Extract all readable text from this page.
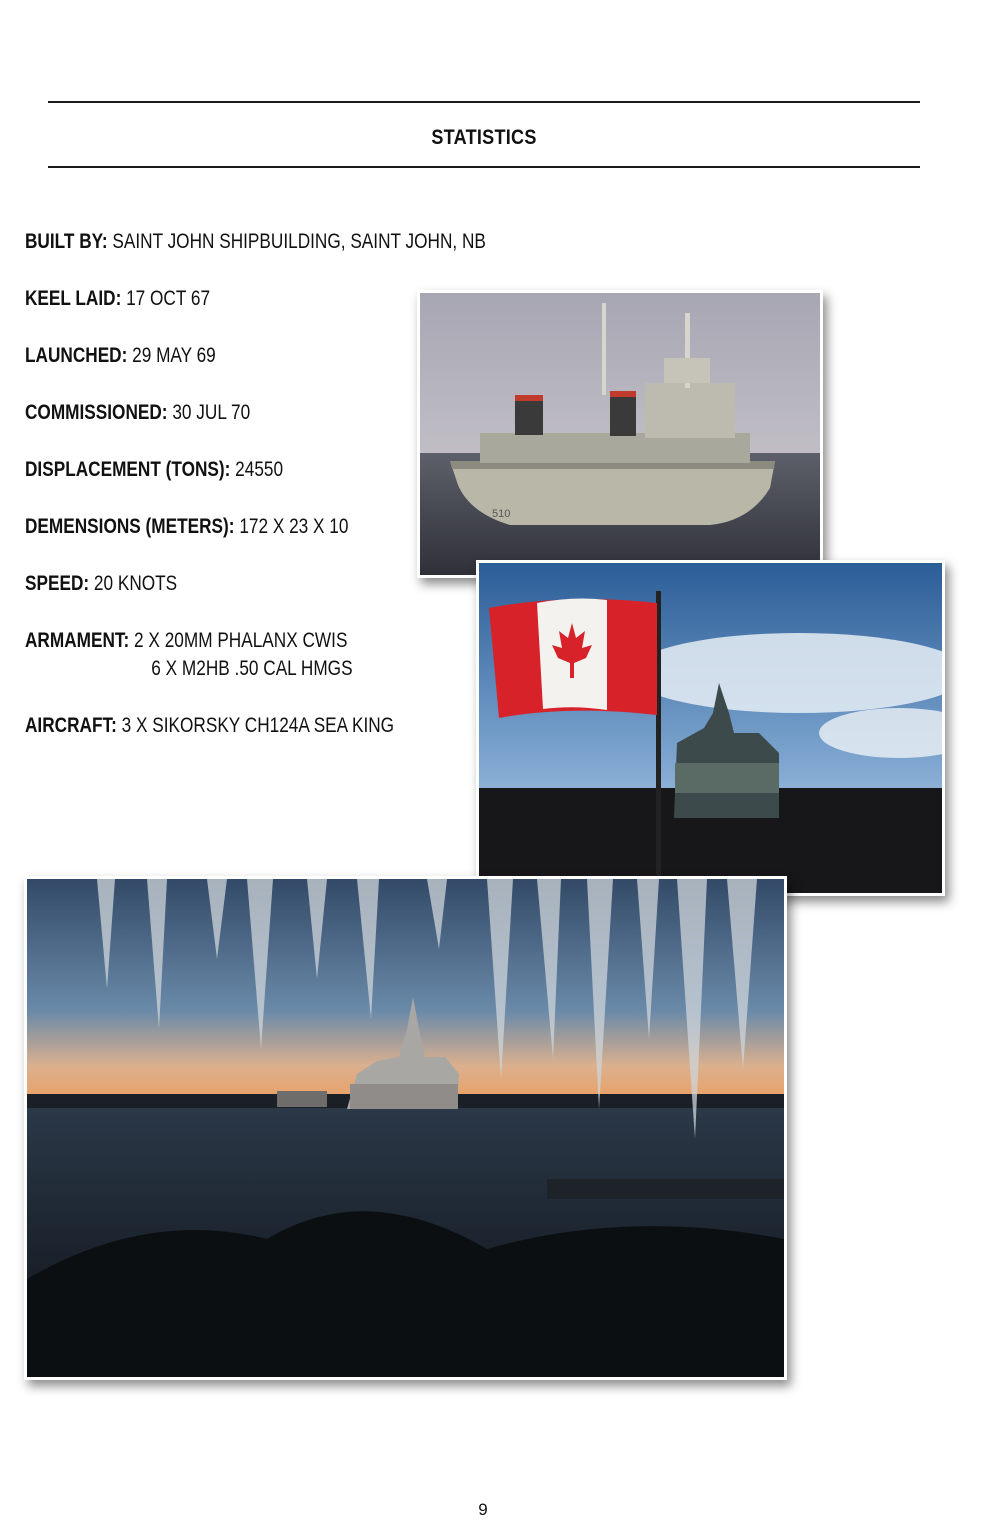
STATISTICS
BUILT BY: SAINT JOHN SHIPBUILDING, SAINT JOHN, NB
KEEL LAID: 17 OCT 67
LAUNCHED: 29 MAY 69
COMMISSIONED: 30 JUL 70
DISPLACEMENT (TONS): 24550
DEMENSIONS (METERS): 172 X 23 X 10
SPEED: 20 KNOTS
ARMAMENT: 2 X 20MM PHALANX CWIS
6 X M2HB .50 CAL HMGS
AIRCRAFT: 3 X SIKORSKY CH124A SEA KING
510
9
